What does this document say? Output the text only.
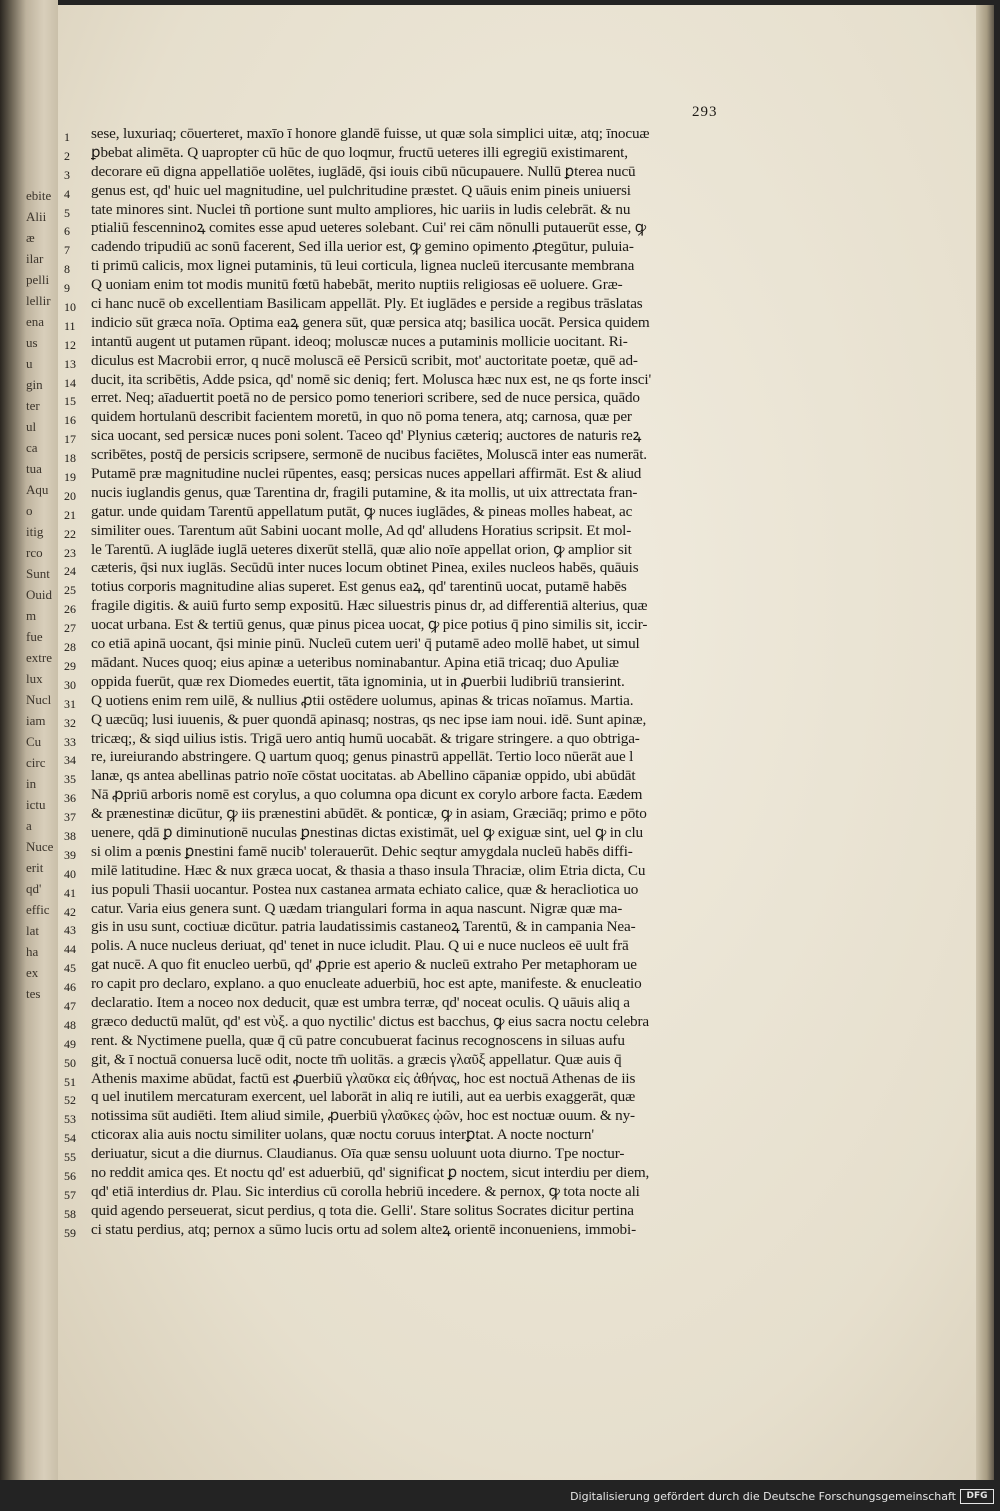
ebite
Alii
æ
ilar
pelli
lellir
ena
us
u
gin
ter
ul
ca
tua
Aqu
o
itig
rco
Sunt
Ouid
m
fue
extre
lux
Nucl
iam
Cu
circ
in
ictu
a
Nuce
erit
qd'
effic
lat
ha
ex
tes
293
1	sese, luxuriaq; cōuerteret, maxīo ī honore glandē fuisse, ut quæ sola simplici uitæ, atq; īnocuæ
2	ꝑbebat alimēta. Q uapropter cū hūc de quo loqmur, fructū ueteres illi egregiū existimarent,
3	decorare eū digna appellatiōe uolētes, iuglādē, q̄si iouis cibū nūcupauere. Nullū ꝑterea nucū
4	genus est, qd' huic uel magnitudine, uel pulchritudine præstet. Q uāuis enim pineis uniuersi
5	tate minores sint. Nuclei tñ portione sunt multo ampliores, hic uariis in ludis celebrāt. & nu
6	ptialiū fescenninoꝝ comites esse apud ueteres solebant. Cui' rei cām nōnulli putauerūt esse, ꝙ
7	cadendo tripudiū ac sonū facerent, Sed illa uerior est, ꝙ gemino opimento ꝓtegūtur, puluia-
8	ti primū calicis, mox lignei putaminis, tū leui corticula, lignea nucleū itercusante membrana
9	Q uoniam enim tot modis munitū fœtū habebāt, merito nuptiis religiosas eē uoluere. Græ-
10 ci hanc nucē ob excellentiam Basilicam appellāt. Ply. Et iuglādes e perside a regibus trāslatas
11	indicio sūt græca noīa. Optima eaꝝ genera sūt, quæ persica atq; basilica uocāt. Persica quidem
12 intantū augent ut putamen rūpant. ideoq; moluscæ nuces a putaminis mollicie uocitant. Ri-
13 diculus est Macrobii error, q nucē moluscā eē Persicū scribit, mot' auctoritate poetæ, quē ad-
14 ducit, ita scribētis, Adde psica, qd' nomē sic deniq; fert. Molusca hæc nux est, ne qs forte insci'
15 erret. Neq; aīaduertit poetā no de persico pomo teneriori scribere, sed de nuce persica, quādo
16 quidem hortulanū describit facientem moretū, in quo nō poma tenera, atq; carnosa, quæ per
17 sica uocant, sed persicæ nuces poni solent. Taceo qd' Plynius cæteriq; auctores de naturis reꝝ
18 scribētes, postq̄ de persicis scripsere, sermonē de nucibus faciētes, Moluscā inter eas numerāt.
19 Putamē præ magnitudine nuclei rūpentes, easq; persicas nuces appellari affirmāt. Est & aliud
20 nucis iuglandis genus, quæ Tarentina dr, fragili putamine, & ita mollis, ut uix attrectata fran-
21 gatur. unde quidam Tarentū appellatum putāt, ꝙ nuces iuglādes, & pineas molles habeat, ac
22 similiter oues. Tarentum aūt Sabini uocant molle, Ad qd' alludens Horatius scripsit. Et mol-
23 le Tarentū. A iuglāde iuglā ueteres dixerūt stellā, quæ alio noīe appellat orion, ꝙ amplior sit
24 cæteris, q̄si nux iuglās. Secūdū inter nuces locum obtinet Pinea, exiles nucleos habēs, quāuis
25 totius corporis magnitudine alias superet. Est genus eaꝝ, qd' tarentinū uocat, putamē habēs
26 fragile digitis. & auiū furto semp expositū. Hæc siluestris pinus dr, ad differentiā alterius, quæ
27 uocat urbana. Est & tertiū genus, quæ pinus picea uocat, ꝙ pice potius q̄ pino similis sit, iccir-
28 co etiā apinā uocant, q̄si minie pinū. Nucleū cutem ueri' q̄ putamē adeo mollē habet, ut simul
29 mādant. Nuces quoq; eius apinæ a ueteribus nominabantur. Apina etiā tricaq; duo Apuliæ
30 oppida fuerūt, quæ rex Diomedes euertit, tāta ignominia, ut in ꝓuerbii ludibriū transierint.
31 Q uotiens enim rem uilē, & nullius ꝓtii ostēdere uolumus, apinas & tricas noīamus. Martia.
32 Q uæcūq; lusi iuuenis, & puer quondā apinasq; nostras, qs nec ipse iam noui. idē. Sunt apinæ,
33 tricæq;, & siqd uilius istis. Trigā uero antiq humū uocabāt. & trigare stringere. a quo obtriga-
34 re, iureiurando abstringere. Q uartum quoq; genus pinastrū appellāt. Tertio loco nūerāt aue l
35 lanæ, qs antea abellinas patrio noīe cōstat uocitatas. ab Abellino cāpaniæ oppido, ubi abūdāt
36 Nā ꝓpriū arboris nomē est corylus, a quo columna opa dicunt ex corylo arbore facta. Eædem
37 & prænestinæ dicūtur, ꝙ iis prænestini abūdēt. & ponticæ, ꝙ in asiam, Græciāq; primo e pōto
38 uenere, qdā ꝑ diminutionē nuculas ꝑnestinas dictas existimāt, uel ꝙ exiguæ sint, uel ꝙ in clu
39 si olim a pœnis ꝑnestini famē nucib' tolerauerūt. Dehic seqtur amygdala nucleū habēs diffi-
40 milē latitudine. Hæc & nux græca uocat, & thasia a thaso insula Thraciæ, olim Etria dicta, Cu
41 ius populi Thasii uocantur. Postea nux castanea armata echiato calice, quæ & heracliotica uo
42 catur. Varia eius genera sunt. Q uædam triangulari forma in aqua nascunt. Nigræ quæ ma-
43 gis in usu sunt, coctiuæ dicūtur. patria laudatissimis castaneoꝝ Tarentū, & in campania Nea-
44 polis. A nuce nucleus deriuat, qd' tenet in nuce icludit. Plau. Q ui e nuce nucleos eē uult frā
45 gat nucē. A quo fit enucleo uerbū, qd' ꝓprie est aperio & nucleū extraho Per metaphoram ue
46 ro capit pro declaro, explano. a quo enucleate aduerbiū, hoc est apte, manifeste. & enucleatio
47 declaratio. Item a noceo nox deducit, quæ est umbra terræ, qd' noceat oculis. Q uāuis aliq a
48 græco deductū malūt, qd' est νὺξ. a quo nyctilic' dictus est bacchus, ꝙ eius sacra noctu celebra
49 rent. & Nyctimene puella, quæ q̄ cū patre concubuerat facinus recognoscens in siluas aufu
50 git, & ī noctuā conuersa lucē odit, nocte tm̄ uolitās. a græcis γλαῦξ appellatur. Quæ auis q̄
51 Athenis maxime abūdat, factū est ꝓuerbiū γλαῦκα εἰς ἀθήνας, hoc est noctuā Athenas de iis
52 q uel inutilem mercaturam exercent, uel laborāt in aliq re iutili, aut ea uerbis exaggerāt, quæ
53 notissima sūt audiēti. Item aliud simile, ꝓuerbiū γλαῦκες ᾠῶν, hoc est noctuæ ouum. & ny-
54 cticorax alia auis noctu similiter uolans, quæ noctu coruus interꝑtat. A nocte nocturn'
55 deriuatur, sicut a die diurnus. Claudianus. Oīa quæ sensu uoluunt uota diurno. Tpe noctur-
56 no reddit amica qes. Et noctu qd' est aduerbiū, qd' significat ꝑ noctem, sicut interdiu per diem,
57 qd' etiā interdius dr. Plau. Sic interdius cū corolla hebriū incedere. & pernox, ꝙ tota nocte ali
58 quid agendo perseuerat, sicut perdius, q tota die. Gelli'. Stare solitus Socrates dicitur pertina
59 ci statu perdius, atq; pernox a sūmo lucis ortu ad solem alteꝝ orientē inconueniens, immobi-
Digitalisierung gefördert durch die Deutsche Forschungsgemeinschaft	DFG
